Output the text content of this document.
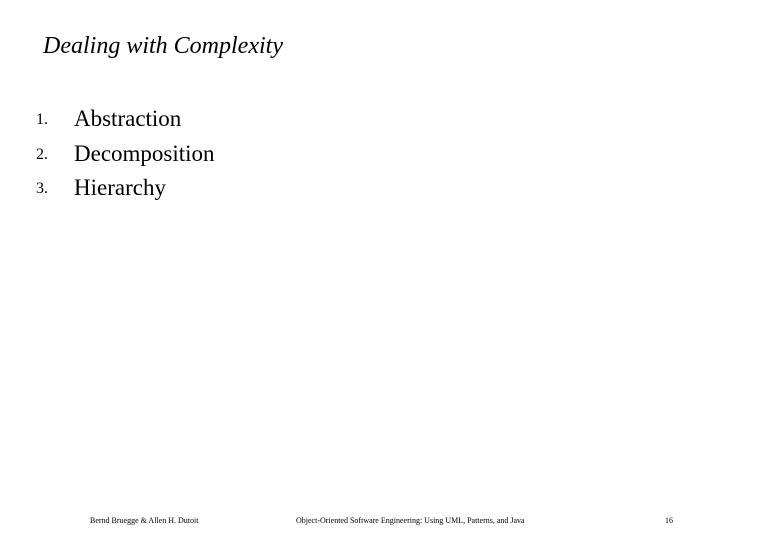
Dealing with Complexity
1. Abstraction
2. Decomposition
3. Hierarchy
Bernd Bruegge & Allen H. Dutoit	Object-Oriented Software Engineering: Using UML, Patterns, and Java	16
